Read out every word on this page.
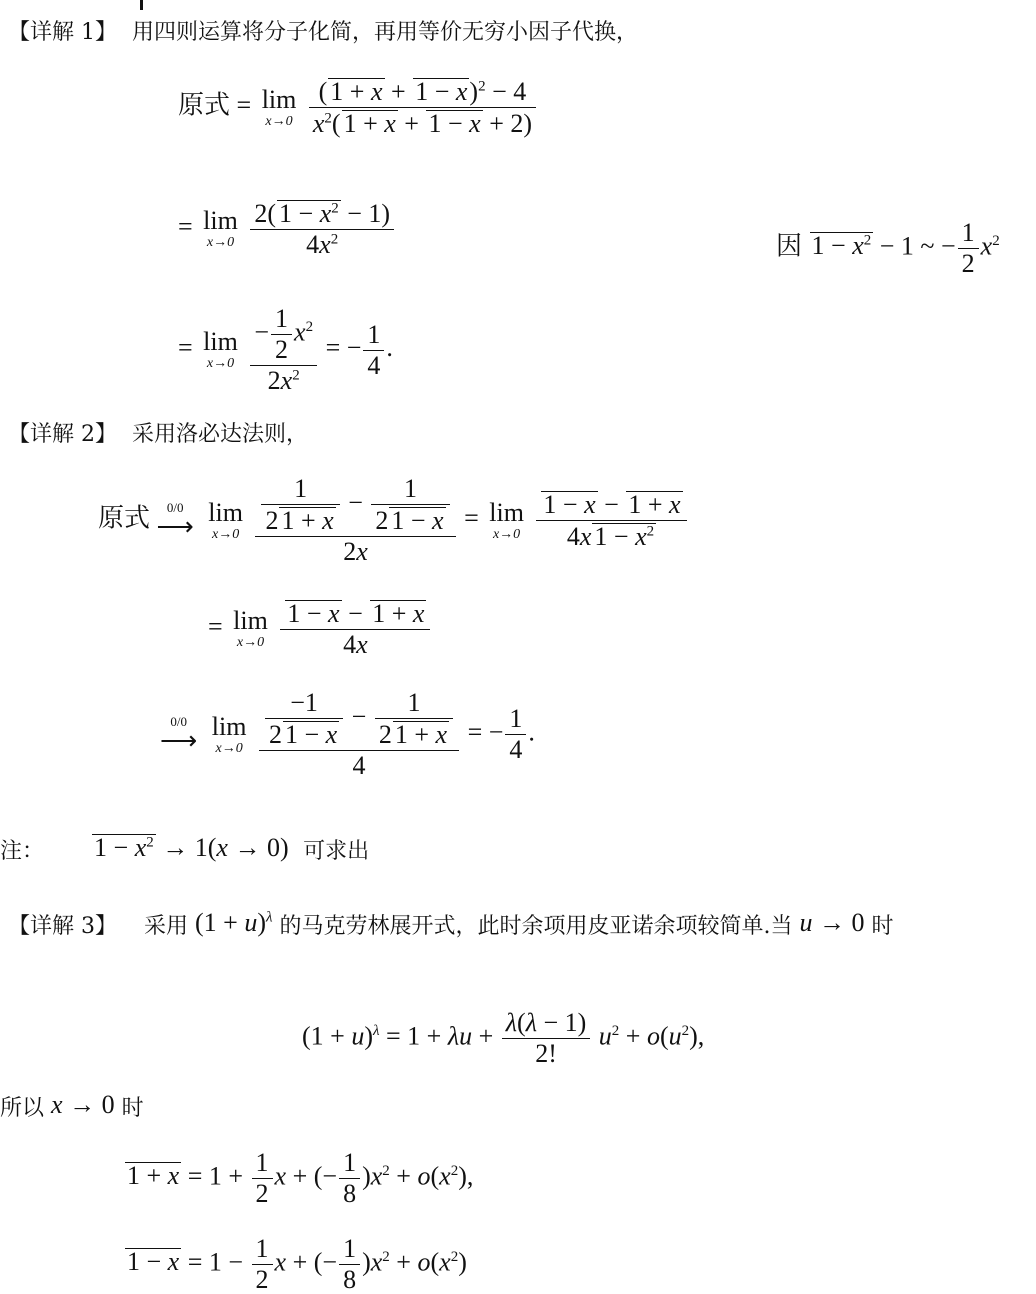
【详解 1】 用四则运算将分子化简，再用等价无穷小因子代换，
原式 = lim
x→0
$\frac{( 1 + x + 1 - x)^2 - 4}{x^2( 1 + x + 1 - x + 2)}$
= lim
x→0
$\frac{2( 1 - x^2 - 1)}{4x^2}$	因 $1 - x^2 - 1$ ~ − $\frac{1}{2} x^2$
= lim
x→0
$\frac{- \frac{1}{2} x^2}{2x^2}$ = − $\frac{1}{4}$ .
【详解 2】 采用洛必达法则，
原式	0/0
⟶
lim
x→0
$\frac{\frac{1}{2 1 + x} - \frac{1}{2 1 - x}}{2x} = \lim$
x→0
$\frac{1 - x - 1 + x}{4x 1 - x^2}$
= lim
x→0
$\frac{1 - x - 1 + x}{4x}$
0/0
⟶
lim
x→0
$\frac{\frac{-1}{2 1 - x} - \frac{1}{2 1 + x}}{4}$ = − $\frac{1}{4}$ .
注： $1 - x^2 \to 1(x \to 0)$ 可求出
【详解 3】 采用 $(1 + u)^\lambda$ 的马克劳林展开式，此时余项用皮亚诺余项较简单.当 u → 0 时
$(1 + u)^\lambda = 1 + \lambda u + \frac{\lambda(\lambda - 1)}{2!} u^2 + o(u^2)$,
所以 x → 0 时
$1 + x = 1 + \frac{1}{2}$ x + (− $\frac{1}{8} )x^2 + o(x^2)$,
$1 - x = 1 - \frac{1}{2}$ x + (− $\frac{1}{8} )x^2 + o(x^2)$
